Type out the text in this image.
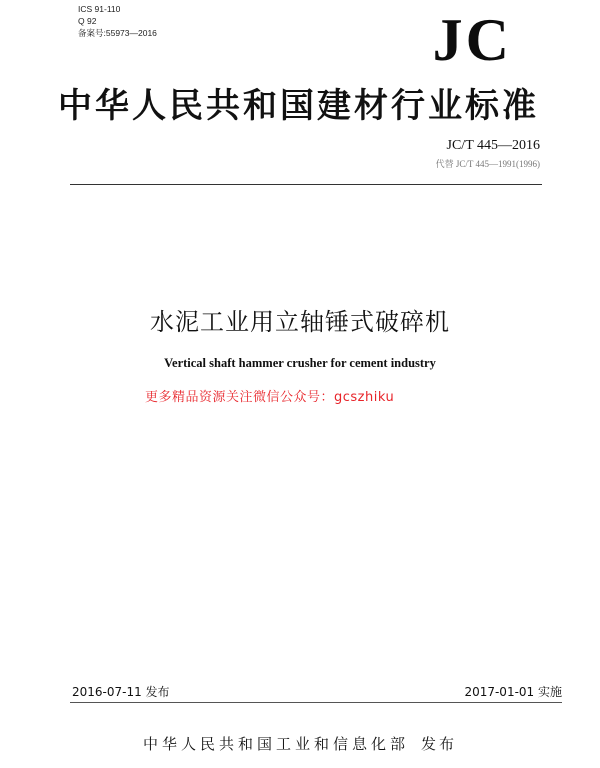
ICS 91-110
Q 92
备案号:55973—2016	JC
中华人民共和国建材行业标准
JC/T 445—2016
代替 JC/T 445—1991(1996)
水泥工业用立轴锤式破碎机
Vertical shaft hammer crusher for cement industry
更多精品资源关注微信公众号：gcszhiku
2016-07-11 发布	2017-01-01 实施
中华人民共和国工业和信息化部 发布
